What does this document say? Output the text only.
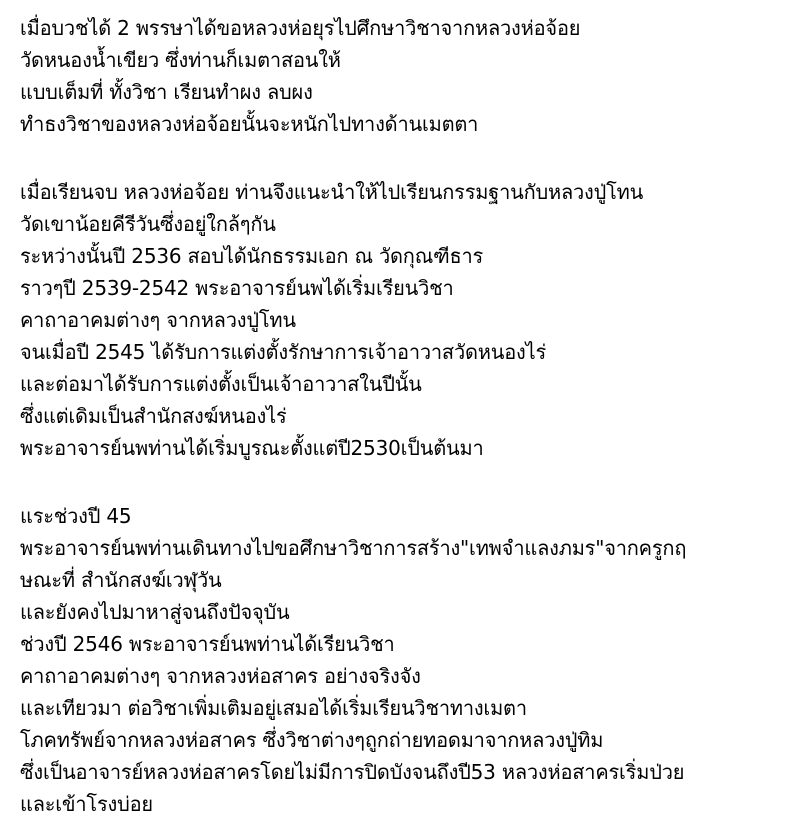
เมื่อบวชได้ 2 พรรษาได้ขอหลวงห่อยุรไปศึกษาวิชาจากหลวงห่อจ้อย
วัดหนองน้ำเขียว ซึ่งท่านก็เมตาสอนให้
แบบเต็มที่ ทั้งวิชา เรียนทำผง ลบผง
ทำธงวิชาของหลวงห่อจ้อยนั้นจะหนักไปทางด้านเมตตา
เมื่อเรียนจบ หลวงห่อจ้อย ท่านจึงแนะนำให้ไปเรียนกรรมฐานกับหลวงปู่โทน
วัดเขาน้อยคีรีวันซึ่งอยู่ใกล้ๆกัน
ระหว่างนั้นปี 2536 สอบได้นักธรรมเอก ณ วัดกุณฑีธาร
ราวๆปี 2539-2542 พระอาจารย์นพได้เริ่มเรียนวิชา
คาถาอาคมต่างๆ จากหลวงปู่โทน
จนเมื่อปี 2545 ได้รับการแต่งตั้งรักษาการเจ้าอาวาสวัดหนองไร่
และต่อมาได้รับการแต่งตั้งเป็นเจ้าอาวาสในปีนั้น
ซึ่งแต่เดิมเป็นสำนักสงฆ์หนองไร่
พระอาจารย์นพท่านได้เริ่มบูรณะตั้งแต่ปี2530เป็นต้นมา
แระช่วงปี 45
พระอาจารย์นพท่านเดินทางไปขอศึกษาวิชาการสร้าง"เทพจำแลงภมร"จากครูกฤ
ษณะที่ สำนักสงฆ์เวฬุวัน
และยังคงไปมาหาสู่จนถึงปัจจุบัน
ช่วงปี 2546 พระอาจารย์นพท่านได้เรียนวิชา
คาถาอาคมต่างๆ จากหลวงห่อสาคร อย่างจริงจัง
และเทียวมา ต่อวิชาเพิ่มเติมอยู่เสมอได้เริ่มเรียนวิชาทางเมตา
โภคทรัพย์จากหลวงห่อสาคร ซึ่งวิชาต่างๆถูกถ่ายทอดมาจากหลวงปู่ทิม
ซึ่งเป็นอาจารย์หลวงห่อสาครโดยไม่มีการปิดบังจนถึงปี53 หลวงห่อสาครเริ่มป่วย
และเข้าโรงบ่อย
